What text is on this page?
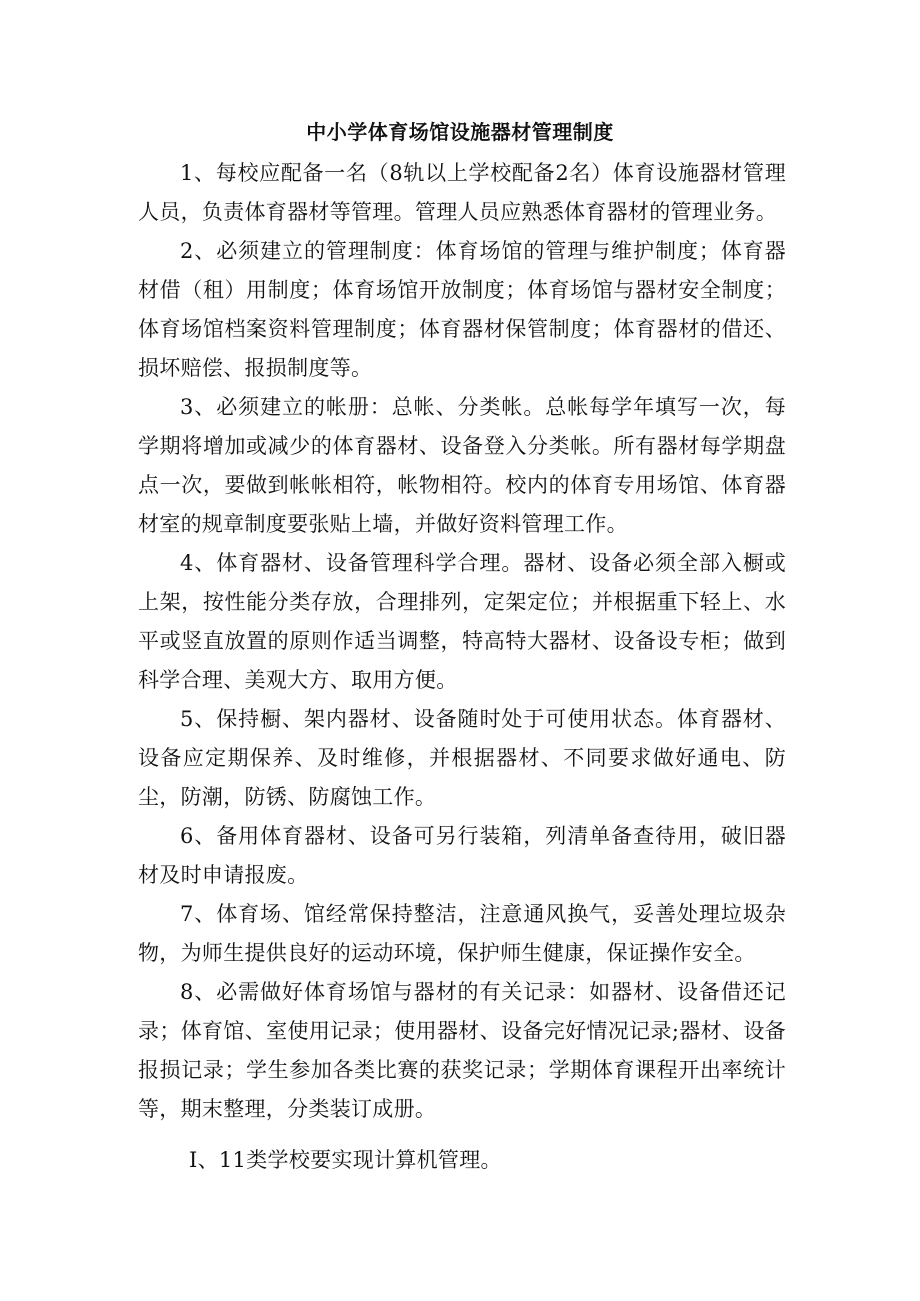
中小学体育场馆设施器材管理制度

1、每校应配备一名（8轨以上学校配备2名）体育设施器材管理人员，负责体育器材等管理。管理人员应熟悉体育器材的管理业务。

2、必须建立的管理制度：体育场馆的管理与维护制度；体育器材借（租）用制度；体育场馆开放制度；体育场馆与器材安全制度；体育场馆档案资料管理制度；体育器材保管制度；体育器材的借还、损坏赔偿、报损制度等。

3、必须建立的帐册：总帐、分类帐。总帐每学年填写一次，每学期将增加或减少的体育器材、设备登入分类帐。所有器材每学期盘点一次，要做到帐帐相符，帐物相符。校内的体育专用场馆、体育器材室的规章制度要张贴上墙，并做好资料管理工作。

4、体育器材、设备管理科学合理。器材、设备必须全部入橱或上架，按性能分类存放，合理排列，定架定位；并根据重下轻上、水平或竖直放置的原则作适当调整，特高特大器材、设备设专柜；做到科学合理、美观大方、取用方便。

5、保持橱、架内器材、设备随时处于可使用状态。体育器材、设备应定期保养、及时维修，并根据器材、不同要求做好通电、防尘，防潮，防锈、防腐蚀工作。

6、备用体育器材、设备可另行装箱，列清单备查待用，破旧器材及时申请报废。

7、体育场、馆经常保持整洁，注意通风换气，妥善处理垃圾杂物，为师生提供良好的运动环境，保护师生健康，保证操作安全。

8、必需做好体育场馆与器材的有关记录：如器材、设备借还记录；体育馆、室使用记录；使用器材、设备完好情况记录;器材、设备报损记录；学生参加各类比赛的获奖记录；学期体育课程开出率统计等，期末整理，分类装订成册。

I、11类学校要实现计算机管理。
